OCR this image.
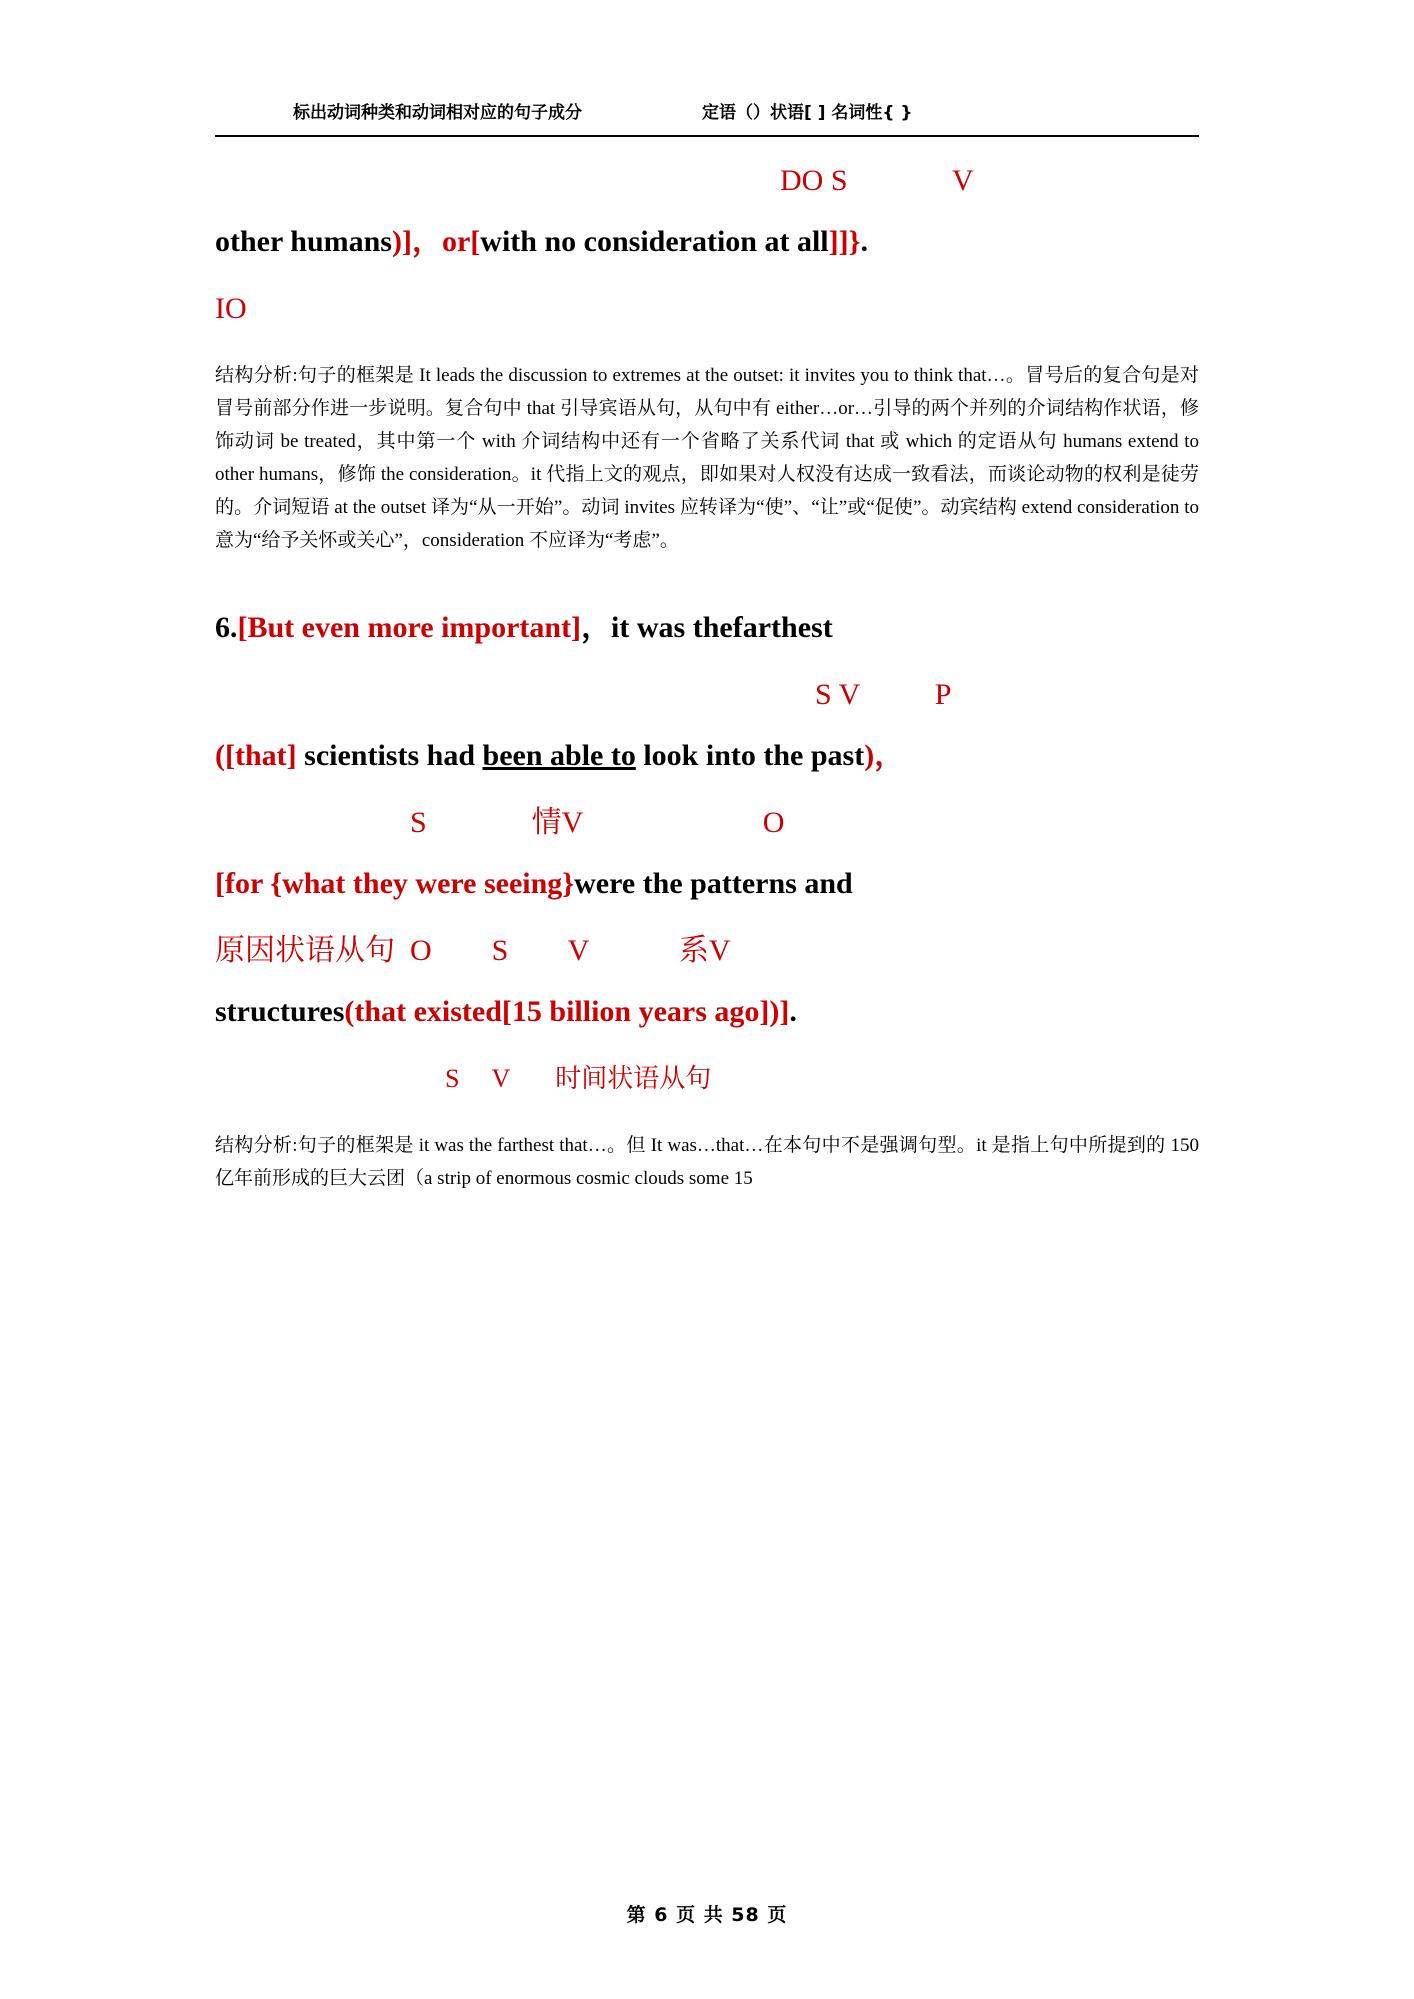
标出动词种类和动词相对应的句子成分	定语（）状语[ ] 名词性{ }
DO S              V
other humans)]，or[with no consideration at all]]}.
IO
结构分析:句子的框架是 It leads the discussion to extremes at the outset: it invites you to think that…。冒号后的复合句是对冒号前部分作进一步说明。复合句中 that 引导宾语从句，从句中有 either…or…引导的两个并列的介词结构作状语，修饰动词 be treated，其中第一个 with 介词结构中还有一个省略了关系代词 that 或 which 的定语从句 humans extend to other humans，修饰 the consideration。it 代指上文的观点，即如果对人权没有达成一致看法，而谈论动物的权利是徒劳的。介词短语 at the outset 译为“从一开始”。动词 invites 应转译为“使”、“让”或“促使”。动宾结构 extend consideration to 意为“给予关怀或关心”，consideration 不应译为“考虑”。
6.[But even more important]，it was thefarthest
S V          P
([that] scientists had been able to look into the past)，
S              情V                        O
[for {what they were seeing}were the patterns and
原因状语从句  O        S        V            系V
structures(that existed[15 billion years ago])].
S     V       时间状语从句
结构分析:句子的框架是 it was the farthest that…。但 It was…that…在本句中不是强调句型。it 是指上句中所提到的 150 亿年前形成的巨大云团（a strip of enormous cosmic clouds some 15
第 6 页 共 58 页
